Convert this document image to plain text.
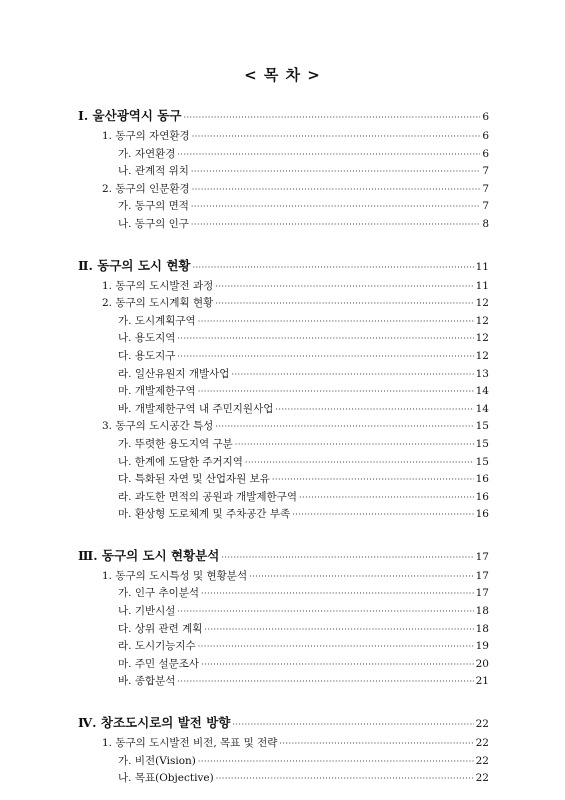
< 목 차 >
Ⅰ. 울산광역시 동구 ·····	6
1. 동구의 자연환경 ·····	6
가. 자연환경 ·····	6
나. 관계적 위치 ·····	7
2. 동구의 인문환경 ·····	7
가. 동구의 면적 ·····	7
나. 동구의 인구 ·····	8
Ⅱ. 동구의 도시 현황 ·····	11
1. 동구의 도시발전 과정 ·····	11
2. 동구의 도시계획 현황 ·····	12
가. 도시계획구역 ·····	12
나. 용도지역 ·····	12
다. 용도지구 ·····	12
라. 일산유원지 개발사업 ·····	13
마. 개발제한구역 ·····	14
바. 개발제한구역 내 주민지원사업 ·····	14
3. 동구의 도시공간 특성 ·····	15
가. 뚜렷한 용도지역 구분 ·····	15
나. 한계에 도달한 주거지역 ·····	15
다. 특화된 자연 및 산업자원 보유 ·····	16
라. 과도한 면적의 공원과 개발제한구역 ·····	16
마. 환상형 도로체계 및 주차공간 부족 ·····	16
Ⅲ. 동구의 도시 현황분석 ·····	17
1. 동구의 도시특성 및 현황분석 ·····	17
가. 인구 추이분석 ·····	17
나. 기반시설 ·····	18
다. 상위 관련 계획 ·····	18
라. 도시기능지수 ·····	19
마. 주민 설문조사 ·····	20
바. 종합분석 ·····	21
Ⅳ. 창조도시로의 발전 방향 ·····	22
1. 동구의 도시발전 비전, 목표 및 전략 ·····	22
가. 비전(Vision) ·····	22
나. 목표(Objective) ·····	22
